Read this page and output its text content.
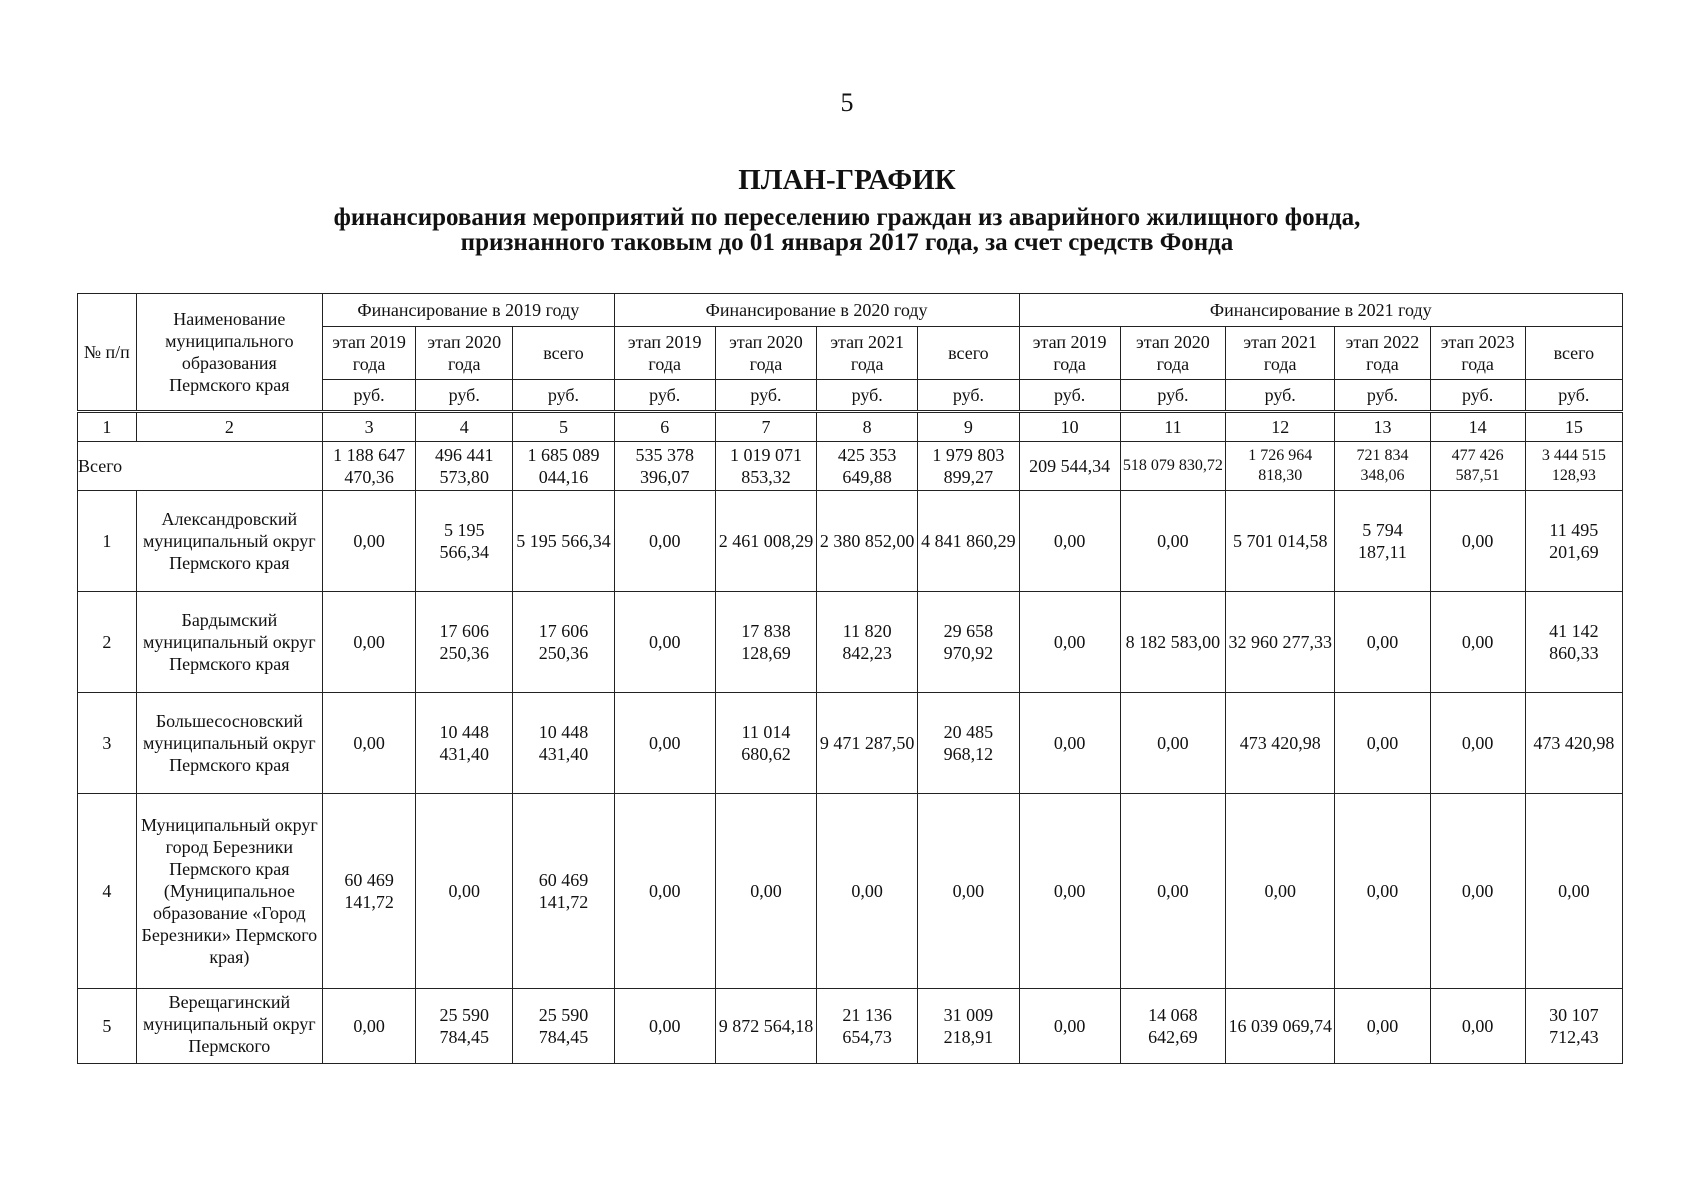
5
ПЛАН-ГРАФИК
финансирования мероприятий по переселению граждан из аварийного жилищного фонда,
признанного таковым до 01 января 2017 года, за счет средств Фонда
№ п/п	Наименование муниципального образования Пермского края	Финансирование в 2019 году			Финансирование в 2020 году				Финансирование в 2021 году					
		этап 2019 года	этап 2020 года	всего	этап 2019 года	этап 2020 года	этап 2021 года	всего	этап 2019 года	этап 2020 года	этап 2021 года	этап 2022 года	этап 2023 года	всего
		руб.	руб.	руб.	руб.	руб.	руб.	руб.	руб.	руб.	руб.	руб.	руб.	руб.
1	2	3	4	5	6	7	8	9	10	11	12	13	14	15
Всего		1 188 647 470,36	496 441 573,80	1 685 089 044,16	535 378 396,07	1 019 071 853,32	425 353 649,88	1 979 803 899,27	209 544,34	518 079 830,72	1 726 964 818,30	721 834 348,06	477 426 587,51	3 444 515 128,93
1	Александровский муниципальный округ Пермского края	0,00	5 195 566,34	5 195 566,34	0,00	2 461 008,29	2 380 852,00	4 841 860,29	0,00	0,00	5 701 014,58	5 794 187,11	0,00	11 495 201,69
2	Бардымский муниципальный округ Пермского края	0,00	17 606 250,36	17 606 250,36	0,00	17 838 128,69	11 820 842,23	29 658 970,92	0,00	8 182 583,00	32 960 277,33	0,00	0,00	41 142 860,33
3	Большесосновский муниципальный округ Пермского края	0,00	10 448 431,40	10 448 431,40	0,00	11 014 680,62	9 471 287,50	20 485 968,12	0,00	0,00	473 420,98	0,00	0,00	473 420,98
4	Муниципальный округ город Березники Пермского края (Муниципальное образование «Город Березники» Пермского края)	60 469 141,72	0,00	60 469 141,72	0,00	0,00	0,00	0,00	0,00	0,00	0,00	0,00	0,00	0,00
5	Верещагинский муниципальный округ Пермского	0,00	25 590 784,45	25 590 784,45	0,00	9 872 564,18	21 136 654,73	31 009 218,91	0,00	14 068 642,69	16 039 069,74	0,00	0,00	30 107 712,43
